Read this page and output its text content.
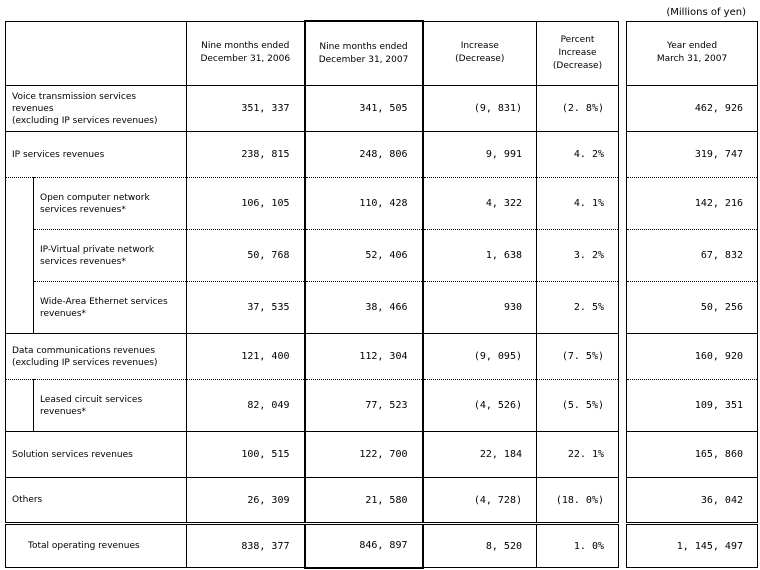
(Millions of yen)
		Nine months ended
December 31, 2006	Nine months ended
December 31, 2007	Increase
(Decrease)	Percent
Increase
(Decrease)		Year ended
March 31, 2007
Voice transmission services
revenues
(excluding IP services revenues)		351, 337	341, 505	(9, 831)	(2. 8%)		462, 926
IP services revenues		238, 815	248, 806	9, 991	4. 2%		319, 747
	Open computer network
services revenues*	106, 105	110, 428	4, 322	4. 1%		142, 216
	IP-Virtual private network
services revenues*	50, 768	52, 406	1, 638	3. 2%		67, 832
	Wide-Area Ethernet services
revenues*	37, 535	38, 466	930	2. 5%		50, 256
Data communications revenues
(excluding IP services revenues)		121, 400	112, 304	(9, 095)	(7. 5%)		160, 920
	Leased circuit services
revenues*	82, 049	77, 523	(4, 526)	(5. 5%)		109, 351
Solution services revenues		100, 515	122, 700	22, 184	22. 1%		165, 860
Others		26, 309	21, 580	(4, 728)	(18. 0%)		36, 042
Total operating revenues		838, 377	846, 897	8, 520	1. 0%		1, 145, 497
